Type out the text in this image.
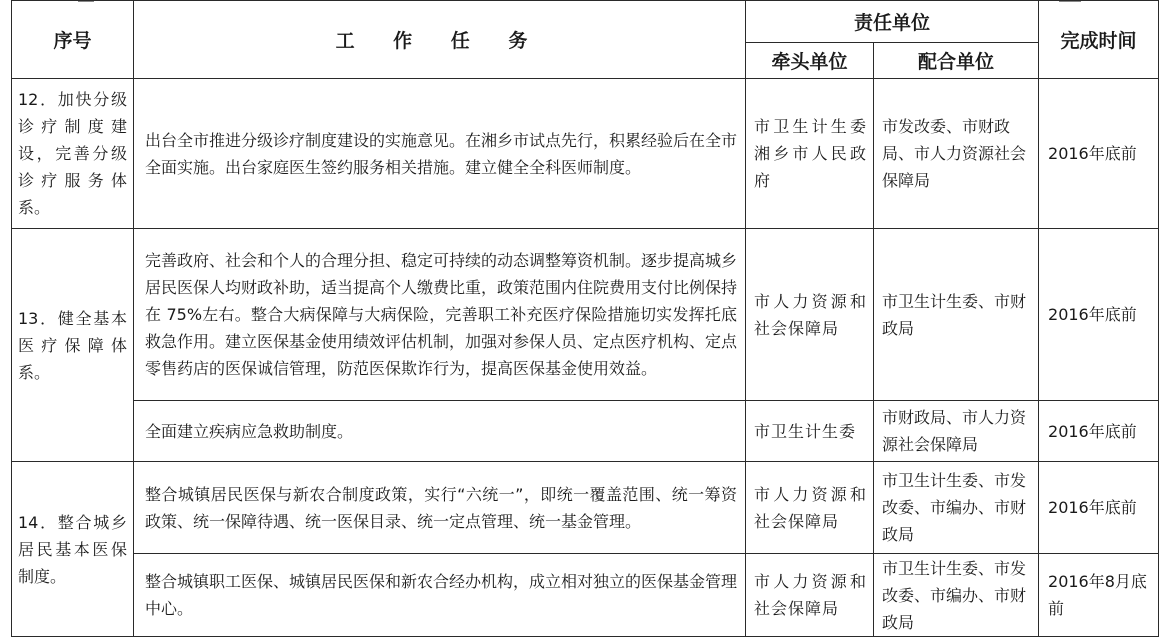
序号	工 作 任 务	责任单位		完成时间
		牵头单位	配合单位	
12．加快分级诊疗制度建设，完善分级诊疗服务体系。	出台全市推进分级诊疗制度建设的实施意见。在湘乡市试点先行，积累经验后在全市全面实施。出台家庭医生签约服务相关措施。建立健全全科医师制度。	市卫生计生委　湘乡市人民政府	市发改委、市财政局、市人力资源社会保障局	2016年底前
13．健全基本医疗保障体系。	完善政府、社会和个人的合理分担、稳定可持续的动态调整筹资机制。逐步提高城乡居民医保人均财政补助，适当提高个人缴费比重，政策范围内住院费用支付比例保持在 75%左右。整合大病保障与大病保险，完善职工补充医疗保险措施切实发挥托底救急作用。建立医保基金使用绩效评估机制，加强对参保人员、定点医疗机构、定点零售药店的医保诚信管理，防范医保欺诈行为，提高医保基金使用效益。	市人力资源和社会保障局	市卫生计生委、市财政局	2016年底前
	全面建立疾病应急救助制度。	市卫生计生委	市财政局、市人力资源社会保障局	2016年底前
14．整合城乡居民基本医保制度。	整合城镇居民医保与新农合制度政策，实行“六统一”，即统一覆盖范围、统一筹资政策、统一保障待遇、统一医保目录、统一定点管理、统一基金管理。	市人力资源和社会保障局	市卫生计生委、市发改委、市编办、市财政局	2016年底前
	整合城镇职工医保、城镇居民医保和新农合经办机构，成立相对独立的医保基金管理中心。	市人力资源和社会保障局	市卫生计生委、市发改委、市编办、市财政局	2016年8月底前
